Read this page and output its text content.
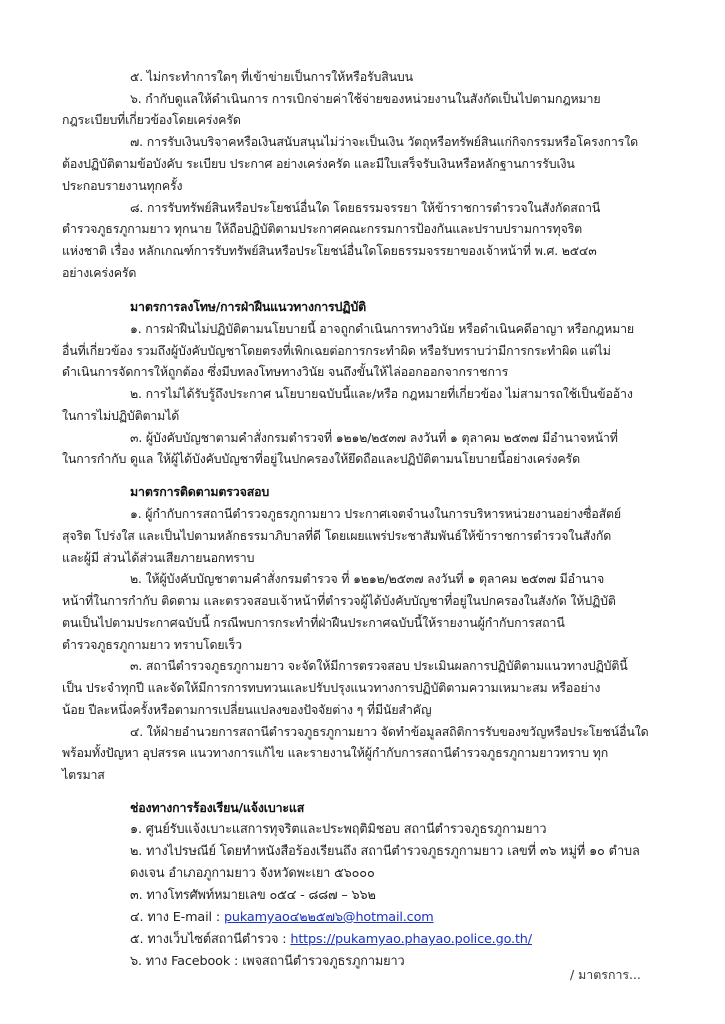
๕. ไม่กระทำการใดๆ ที่เข้าข่ายเป็นการให้หรือรับสินบน
๖. กำกับดูแลให้ดำเนินการ การเบิกจ่ายค่าใช้จ่ายของหน่วยงานในสังกัดเป็นไปตามกฎหมาย
กฎระเบียบที่เกี่ยวข้องโดยเคร่งครัด
๗. การรับเงินบริจาคหรือเงินสนับสนุนไม่ว่าจะเป็นเงิน วัตถุหรือทรัพย์สินแก่กิจกรรมหรือโครงการใด
ต้องปฏิบัติตามข้อบังคับ ระเบียบ ประกาศ อย่างเคร่งครัด และมีใบเสร็จรับเงินหรือหลักฐานการรับเงิน
ประกอบรายงานทุกครั้ง
๘. การรับทรัพย์สินหรือประโยชน์อื่นใด โดยธรรมจรรยา ให้ข้าราชการตำรวจในสังกัดสถานี
ตำรวจภูธรภูกามยาว ทุกนาย ให้ถือปฏิบัติตามประกาศคณะกรรมการป้องกันและปราบปรามการทุจริต
แห่งชาติ เรื่อง หลักเกณฑ์การรับทรัพย์สินหรือประโยชน์อื่นใดโดยธรรมจรรยาของเจ้าหน้าที่ พ.ศ. ๒๕๔๓
อย่างเคร่งครัด
มาตรการลงโทษ/การฝ่าฝืนแนวทางการปฏิบัติ
๑. การฝ่าฝืนไม่ปฏิบัติตามนโยบายนี้ อาจถูกดำเนินการทางวินัย หรือดำเนินคดีอาญา หรือกฎหมาย
อื่นที่เกี่ยวข้อง รวมถึงผู้บังคับบัญชาโดยตรงที่เพิกเฉยต่อการกระทำผิด หรือรับทราบว่ามีการกระทำผิด แต่ไม่
ดำเนินการจัดการให้ถูกต้อง ซึ่งมีบทลงโทษทางวินัย จนถึงขั้นให้ไล่ออกออกจากราชการ
๒. การไม่ได้รับรู้ถึงประกาศ นโยบายฉบับนี้และ/หรือ กฎหมายที่เกี่ยวข้อง ไม่สามารถใช้เป็นข้ออ้าง
ในการไม่ปฏิบัติตามได้
๓. ผู้บังคับบัญชาตามคำสั่งกรมตำรวจที่ ๑๒๑๒/๒๕๓๗ ลงวันที่ ๑ ตุลาคม ๒๕๓๗ มีอำนาจหน้าที่
ในการกำกับ ดูแล ให้ผู้ได้บังคับบัญชาที่อยู่ในปกครองให้ยึดถือและปฏิบัติตามนโยบายนี้อย่างเคร่งครัด
มาตรการติดตามตรวจสอบ
๑. ผู้กำกับการสถานีตำรวจภูธรภูกามยาว ประกาศเจตจำนงในการบริหารหน่วยงานอย่างซื่อสัตย์
สุจริต โปร่งใส และเป็นไปตามหลักธรรมาภิบาลที่ดี โดยเผยแพร่ประชาสัมพันธ์ให้ข้าราชการตำรวจในสังกัด
และผู้มี ส่วนได้ส่วนเสียภายนอกทราบ
๒. ให้ผู้บังคับบัญชาตามคำสั่งกรมตำรวจ ที่ ๑๒๑๒/๒๕๓๗ ลงวันที่ ๑ ตุลาคม ๒๕๓๗ มีอำนาจ
หน้าที่ในการกำกับ ติดตาม และตรวจสอบเจ้าหน้าที่ตำรวจผู้ได้บังคับบัญชาที่อยู่ในปกครองในสังกัด ให้ปฏิบัติ
ตนเป็นไปตามประกาศฉบับนี้ กรณีพบการกระทำที่ฝ่าฝืนประกาศฉบับนี้ให้รายงานผู้กำกับการสถานี
ตำรวจภูธรภูกามยาว ทราบโดยเร็ว
๓. สถานีตำรวจภูธรภูกามยาว จะจัดให้มีการตรวจสอบ ประเมินผลการปฏิบัติตามแนวทางปฏิบัตินี้
เป็น ประจำทุกปี และจัดให้มีการการทบทวนและปรับปรุงแนวทางการปฏิบัติตามความเหมาะสม หรืออย่าง
น้อย ปีละหนึ่งครั้งหรือตามการเปลี่ยนแปลงของปัจจัยต่าง ๆ ที่มีนัยสำคัญ
๔. ให้ฝ่ายอำนวยการสถานีตำรวจภูธรภูกามยาว จัดทำข้อมูลสถิติการรับของขวัญหรือประโยชน์อื่นใด
พร้อมทั้งปัญหา อุปสรรค แนวทางการแก้ไข และรายงานให้ผู้กำกับการสถานีตำรวจภูธรภูกามยาวทราบ ทุก
ไตรมาส
ช่องทางการร้องเรียน/แจ้งเบาะแส
๑. ศูนย์รับแจ้งเบาะแสการทุจริตและประพฤติมิชอบ สถานีตำรวจภูธรภูกามยาว
๒. ทางไปรษณีย์ โดยทำหนังสือร้องเรียนถึง สถานีตำรวจภูธรภูกามยาว เลขที่ ๓๖ หมู่ที่ ๑๐ ตำบล
ดงเจน อำเภอภูกามยาว จังหวัดพะเยา ๕๖๐๐๐
๓. ทางโทรศัพท์หมายเลข ๐๕๔ - ๘๘๗ – ๖๖๒
๔. ทาง E-mail : pukamyao๔๒๒๕๗๖@hotmail.com
๕. ทางเว็บไซต์สถานีตำรวจ : https://pukamyao.phayao.police.go.th/
๖. ทาง Facebook : เพจสถานีตำรวจภูธรภูกามยาว
/ มาตรการ...
